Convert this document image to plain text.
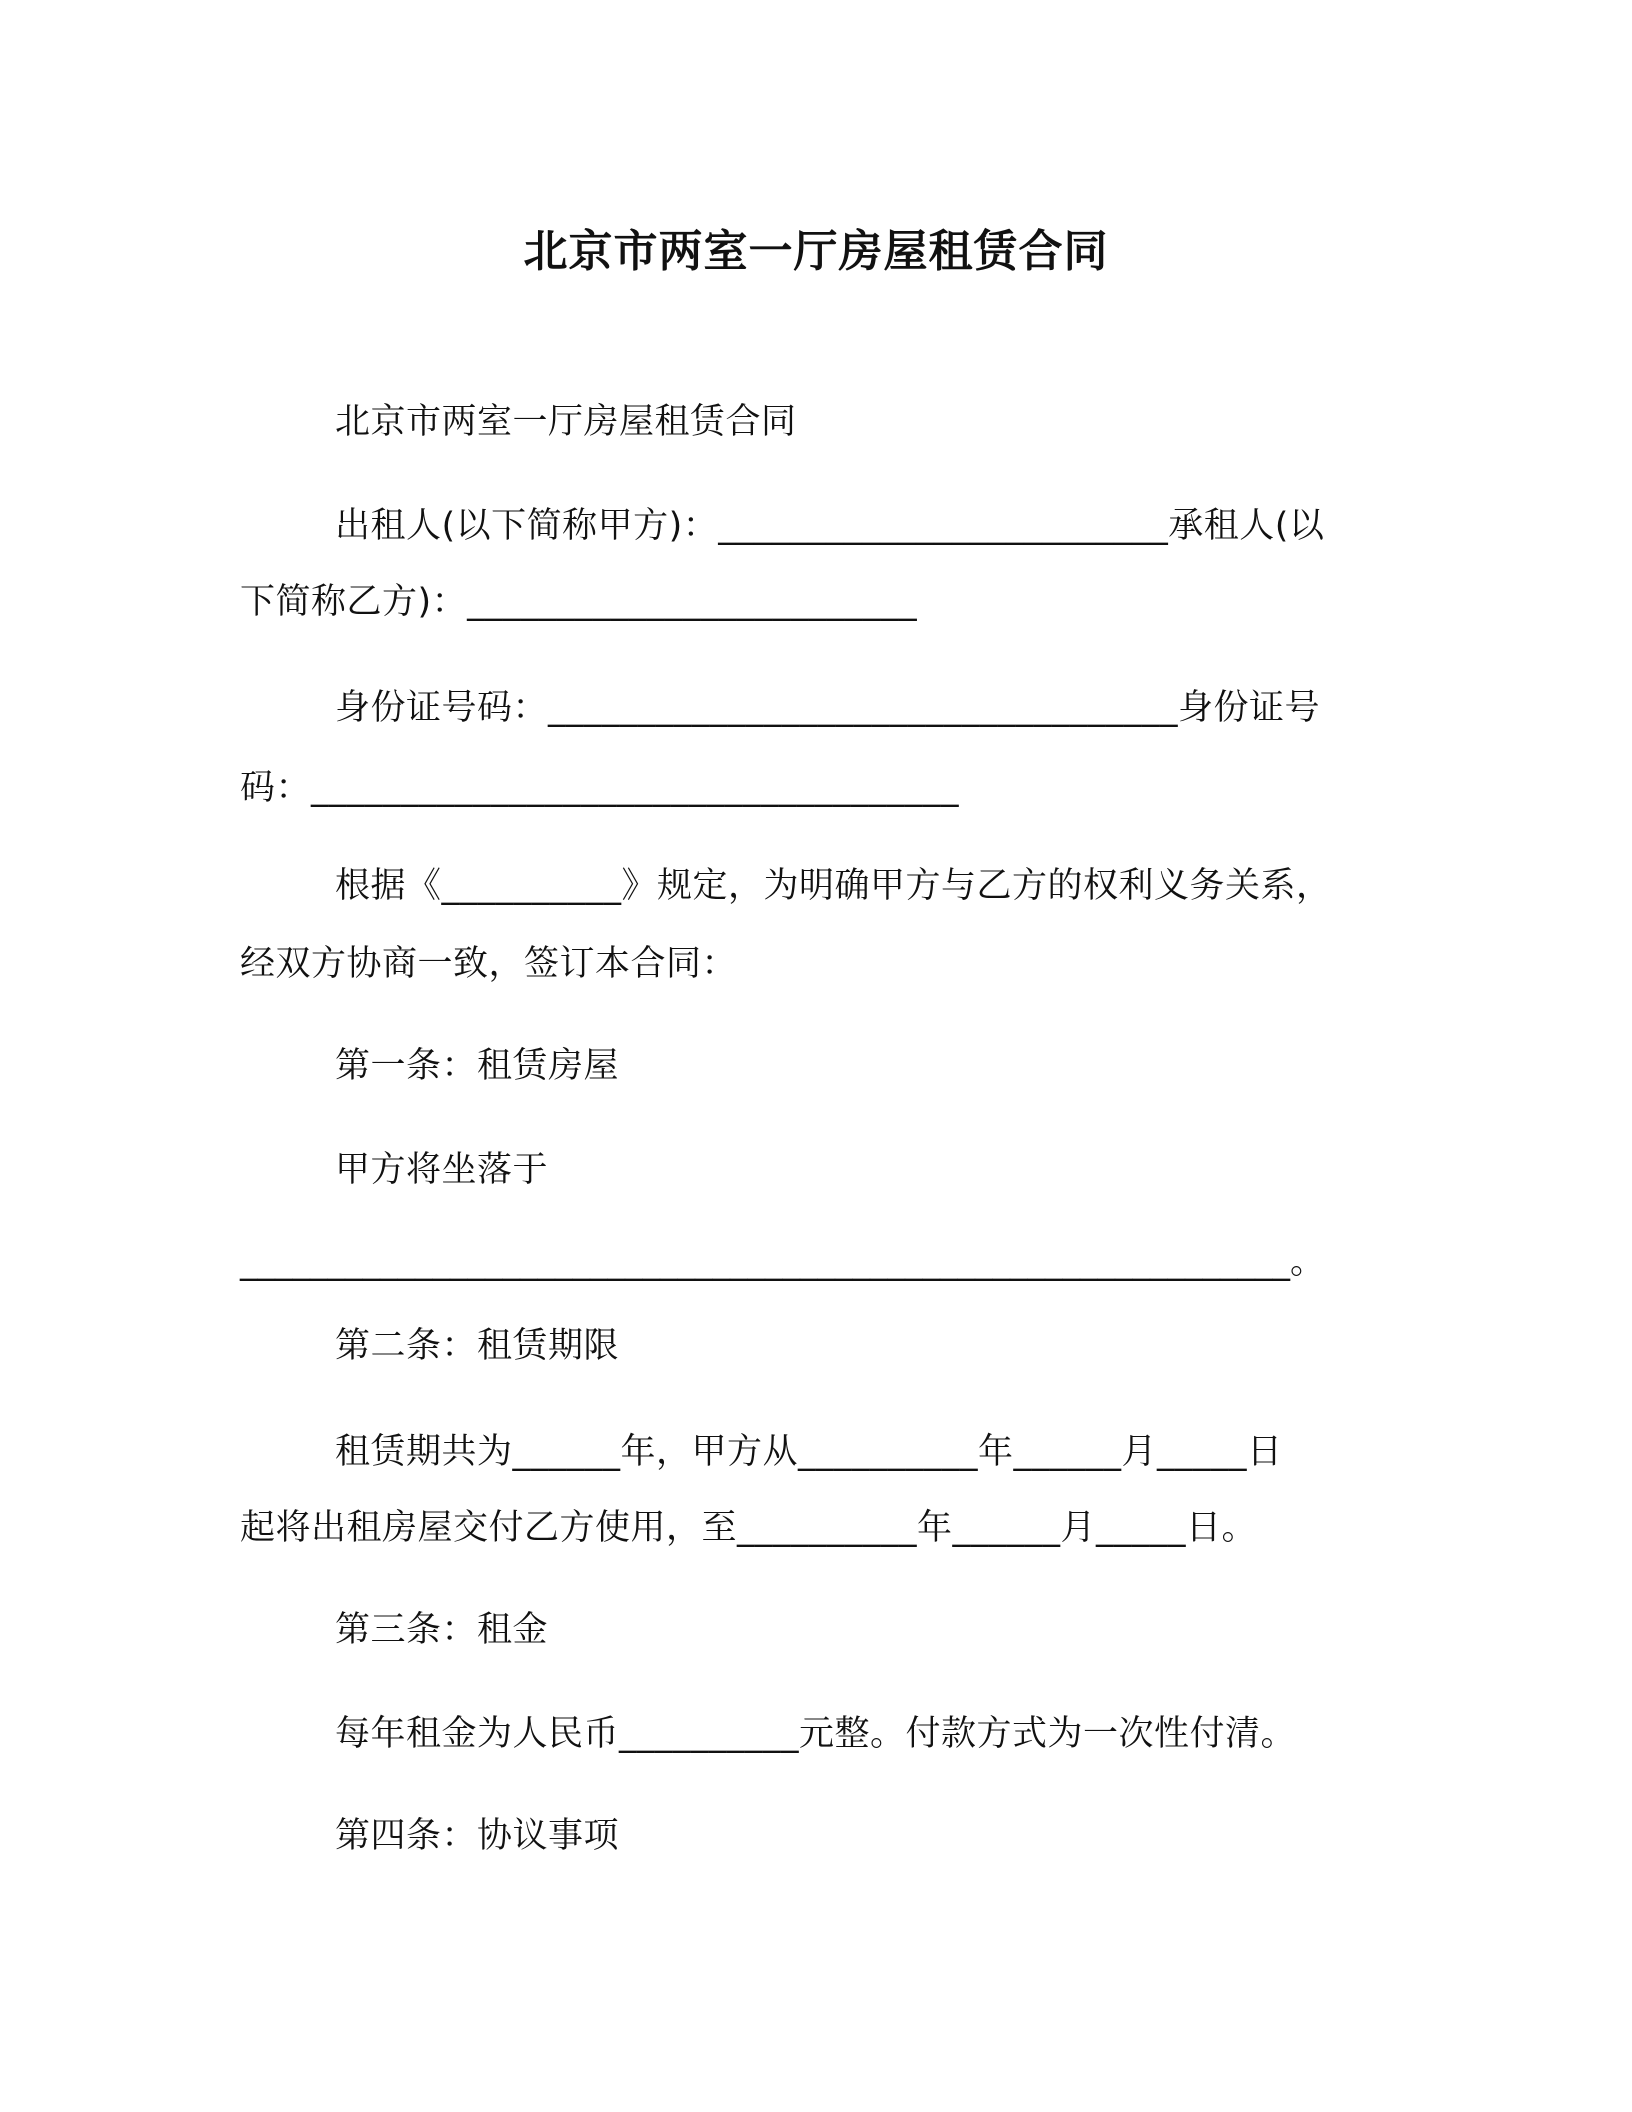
北京市两室一厅房屋租赁合同
北京市两室一厅房屋租赁合同
出租人(以下简称甲方)：_________________________承租人(以
下简称乙方)：_________________________
身份证号码：___________________________________身份证号
码：____________________________________
根据《__________》规定，为明确甲方与乙方的权利义务关系，
经双方协商一致，签订本合同：
第一条：租赁房屋
甲方将坐落于
____________________________________________________________。
第二条：租赁期限
租赁期共为______年，甲方从__________年______月_____日
起将出租房屋交付乙方使用，至__________年______月_____日。
第三条：租金
每年租金为人民币__________元整。付款方式为一次性付清。
第四条：协议事项
